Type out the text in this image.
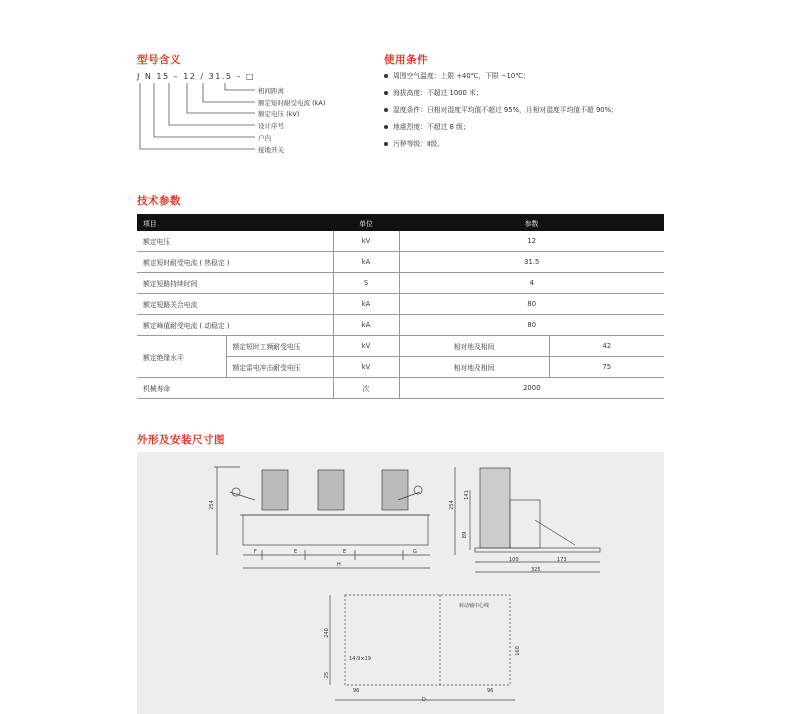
型号含义
J N 15 – 12 / 31.5 – □
相间距离
额定短时耐受电流 (kA)
额定电压 (kV)
设计序号
户内
接地开关
使用条件
周围空气温度：上限 +40℃，下限 −10℃；
海拔高度：不超过 1000 米；
湿度条件：日相对湿度平均值不超过 95%，月相对湿度平均值不超 90%；
地震烈度：不超过 8 级；
污秽等级：Ⅱ级。
技术参数
项目		单位	参数	
额定电压		kV	12	
额定短时耐受电流 ( 热稳定 )		kA	31.5	
额定短路持续时间		S	4	
额定短路关合电流		kA	80	
额定峰值耐受电流 ( 动稳定 )		kA	80	
额定绝缘水平	额定短时工频耐受电压	kV	相对地及相间	42
	额定雷电冲击耐受电压	kV	相对地及相间	75
机械寿命		次	2000	
外形及安装尺寸图
254
F	E	E	G
H
254
141
89
100	173
325
转动轴中心线
14-9×19
96	96
D
240
160
25
